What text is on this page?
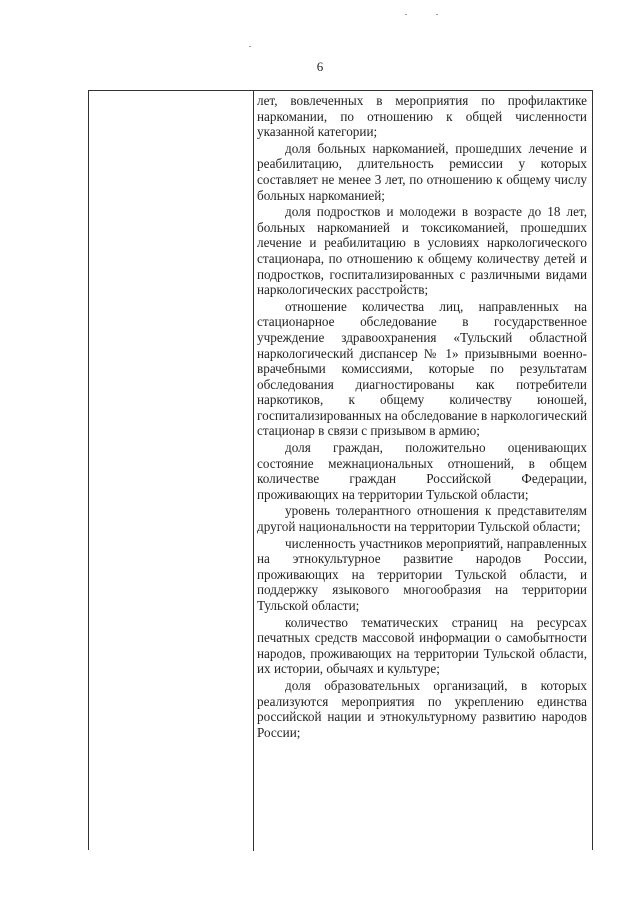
6

лет, вовлеченных в мероприятия по профилактике наркомании, по отношению к общей численности указанной категории;

доля больных наркоманией, прошедших лечение и реабилитацию, длительность ремиссии у которых составляет не менее 3 лет, по отношению к общему числу больных наркоманией;

доля подростков и молодежи в возрасте до 18 лет, больных наркоманией и токсикоманией, прошедших лечение и реабилитацию в условиях наркологического стационара, по отношению к общему количеству детей и подростков, госпитализированных с различными видами наркологических расстройств;

отношение количества лиц, направленных на стационарное обследование в государственное учреждение здравоохранения «Тульский областной наркологический диспансер № 1» призывными военно-врачебными комиссиями, которые по результатам обследования диагностированы как потребители наркотиков, к общему количеству юношей, госпитализированных на обследование в наркологический стационар в связи с призывом в армию;

доля граждан, положительно оценивающих состояние межнациональных отношений, в общем количестве граждан Российской Федерации, проживающих на территории Тульской области;

уровень толерантного отношения к представителям другой национальности на территории Тульской области;

численность участников мероприятий, направленных на этнокультурное развитие народов России, проживающих на территории Тульской области, и поддержку языкового многообразия на территории Тульской области;

количество тематических страниц на ресурсах печатных средств массовой информации о самобытности народов, проживающих на территории Тульской области, их истории, обычаях и культуре;

доля образовательных организаций, в которых реализуются мероприятия по укреплению единства российской нации и этнокультурному развитию народов России;
